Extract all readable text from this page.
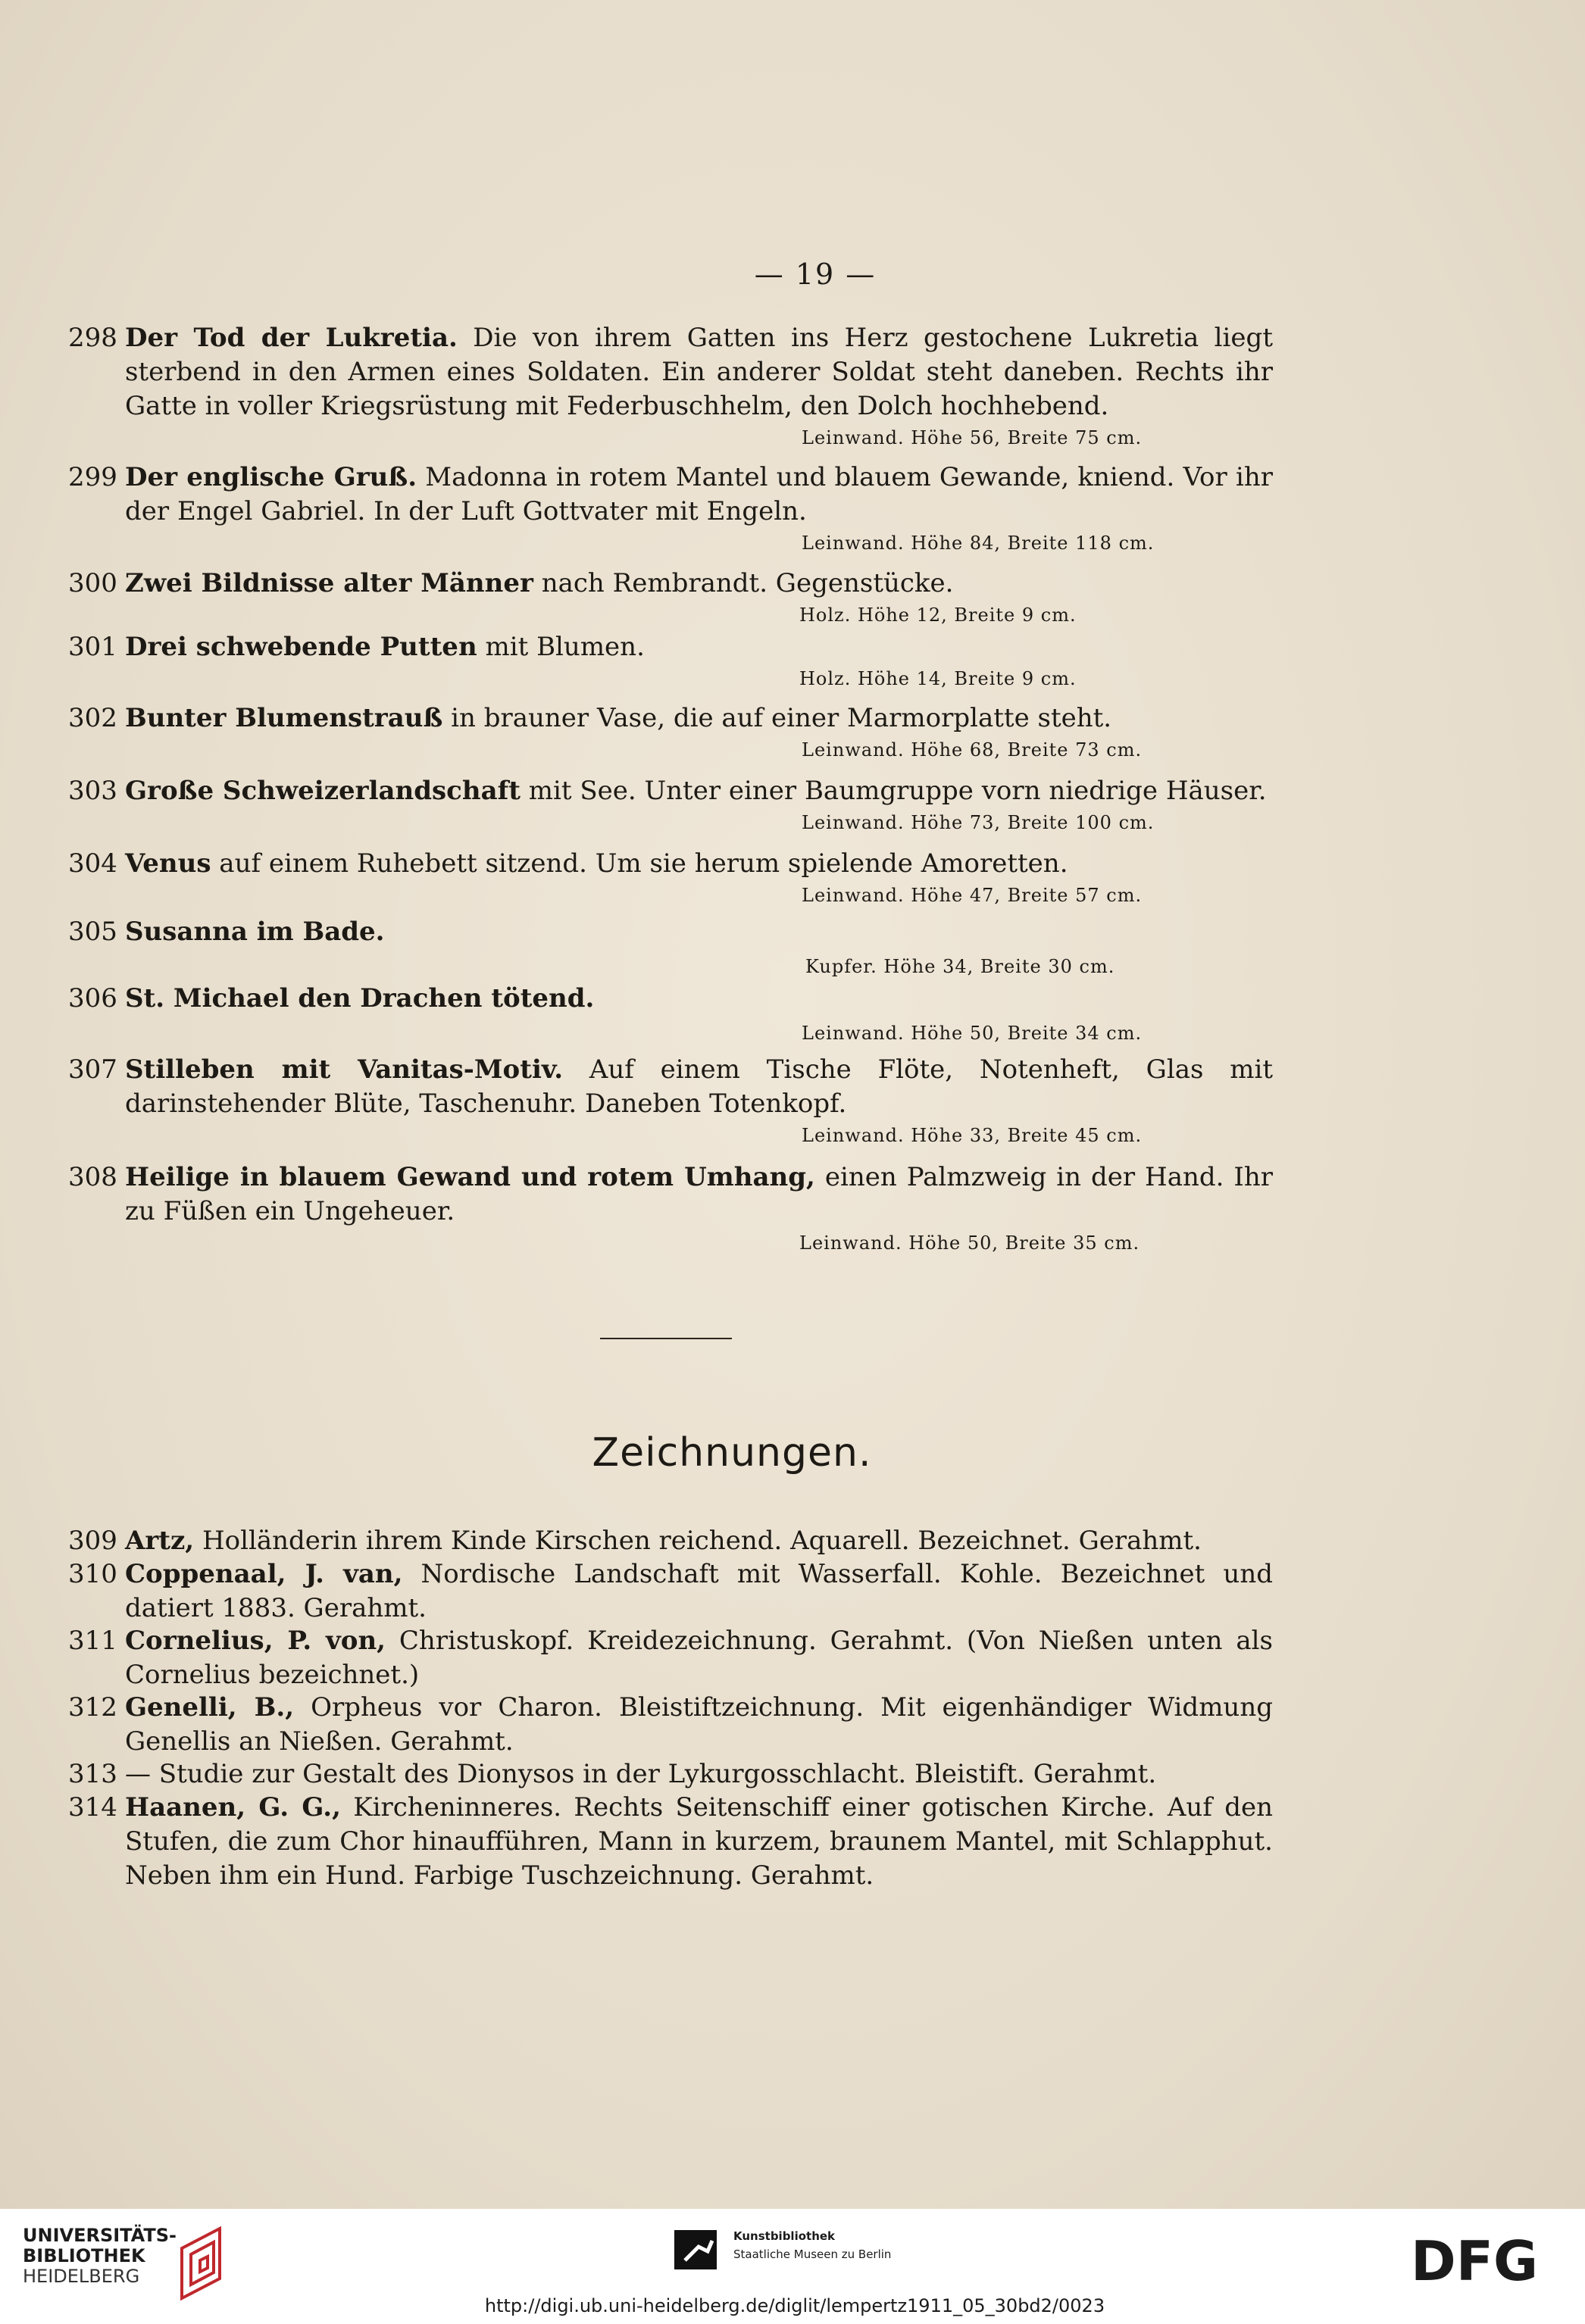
— 19 —
298 Der Tod der Lukretia. Die von ihrem Gatten ins Herz gestochene Lukretia liegt sterbend in den Armen eines Soldaten. Ein anderer Soldat steht daneben. Rechts ihr Gatte in voller Kriegsrüstung mit Federbuschhelm, den Dolch hochhebend.
Leinwand. Höhe 56, Breite 75 cm.
299 Der englische Gruß. Madonna in rotem Mantel und blauem Gewande, kniend. Vor ihr der Engel Gabriel. In der Luft Gottvater mit Engeln.
Leinwand. Höhe 84, Breite 118 cm.
300 Zwei Bildnisse alter Männer nach Rembrandt. Gegenstücke.
Holz. Höhe 12, Breite 9 cm.
301 Drei schwebende Putten mit Blumen.
Holz. Höhe 14, Breite 9 cm.
302 Bunter Blumenstrauß in brauner Vase, die auf einer Marmorplatte steht.
Leinwand. Höhe 68, Breite 73 cm.
303 Große Schweizerlandschaft mit See. Unter einer Baumgruppe vorn niedrige Häuser.
Leinwand. Höhe 73, Breite 100 cm.
304 Venus auf einem Ruhebett sitzend. Um sie herum spielende Amoretten.
Leinwand. Höhe 47, Breite 57 cm.
305 Susanna im Bade.
Kupfer. Höhe 34, Breite 30 cm.
306 St. Michael den Drachen tötend.
Leinwand. Höhe 50, Breite 34 cm.
307 Stilleben mit Vanitas-Motiv. Auf einem Tische Flöte, Notenheft, Glas mit darinstehender Blüte, Taschenuhr. Daneben Totenkopf.
Leinwand. Höhe 33, Breite 45 cm.
308 Heilige in blauem Gewand und rotem Umhang, einen Palmzweig in der Hand. Ihr zu Füßen ein Ungeheuer.
Leinwand. Höhe 50, Breite 35 cm.
Zeichnungen.
309 Artz, Holländerin ihrem Kinde Kirschen reichend. Aquarell. Bezeichnet. Gerahmt.
310 Coppenaal, J. van, Nordische Landschaft mit Wasserfall. Kohle. Bezeichnet und datiert 1883. Gerahmt.
311 Cornelius, P. von, Christuskopf. Kreidezeichnung. Gerahmt. (Von Nießen unten als Cornelius bezeichnet.)
312 Genelli, B., Orpheus vor Charon. Bleistiftzeichnung. Mit eigenhändiger Widmung Genellis an Nießen. Gerahmt.
313 — Studie zur Gestalt des Dionysos in der Lykurgosschlacht. Bleistift. Gerahmt.
314 Haanen, G. G., Kircheninneres. Rechts Seitenschiff einer gotischen Kirche. Auf den Stufen, die zum Chor hinaufführen, Mann in kurzem, braunem Mantel, mit Schlapphut. Neben ihm ein Hund. Farbige Tuschzeichnung. Gerahmt.
UNIVERSITÄTS-
BIBLIOTHEK
HEIDELBERG
Kunstbibliothek
Staatliche Museen zu Berlin	DFG
http://digi.ub.uni-heidelberg.de/diglit/lempertz1911_05_30bd2/0023
